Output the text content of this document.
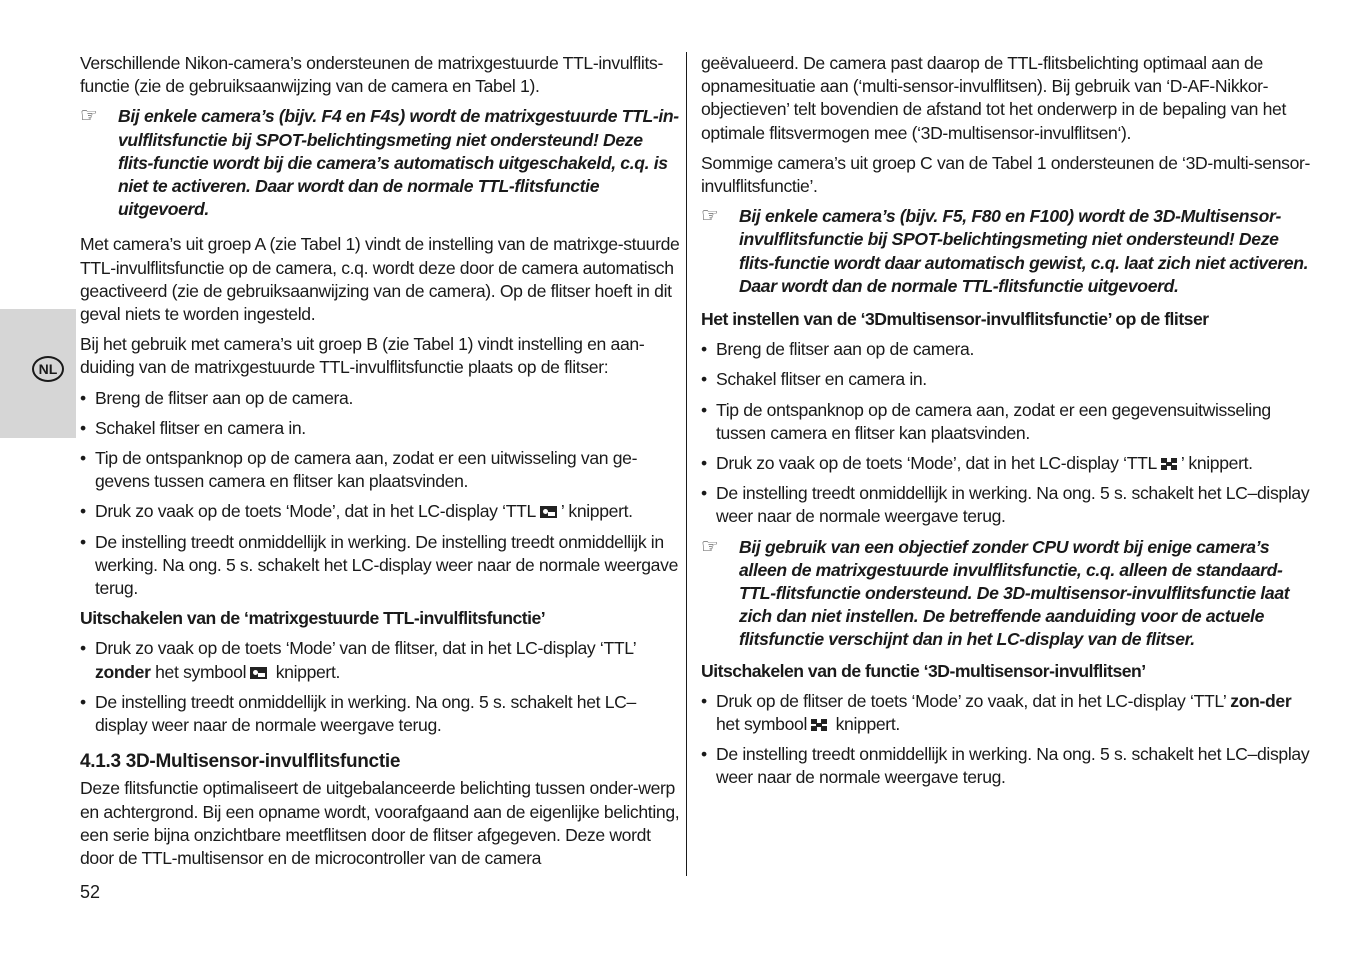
NL

Verschillende Nikon-camera’s ondersteunen de matrixgestuurde TTL-invulflits-functie (zie de gebruiksaanwijzing van de camera en Tabel 1).

☞	Bij enkele camera’s (bijv. F4 en F4s) wordt de matrixgestuurde TTL-in-vulflitsfunctie bij SPOT-belichtingsmeting niet ondersteund! Deze flits-functie wordt bij die camera’s automatisch uitgeschakeld, c.q. is niet te activeren. Daar wordt dan de normale TTL-flitsfunctie uitgevoerd.

Met camera’s uit groep A (zie Tabel 1) vindt de instelling van de matrixge-stuurde TTL-invulflitsfunctie op de camera, c.q. wordt deze door de camera automatisch geactiveerd (zie de gebruiksaanwijzing van de camera). Op de flitser hoeft in dit geval niets te worden ingesteld.

Bij het gebruik met camera’s uit groep B (zie Tabel 1) vindt instelling en aan-duiding van de matrixgestuurde TTL-invulflitsfunctie plaats op de flitser:

• Breng de flitser aan op de camera.
• Schakel flitser en camera in.
• Tip de ontspanknop op de camera aan, zodat er een uitwisseling van ge-gevens tussen camera en flitser kan plaatsvinden.
• Druk zo vaak op de toets ‘Mode’, dat in het LC-display ‘TTL ’ knippert.
• De instelling treedt onmiddellijk in werking. De instelling treedt onmiddellijk in werking. Na ong. 5 s. schakelt het LC-display weer naar de normale weergave terug.
Uitschakelen van de ‘matrixgestuurde TTL-invulflitsfunctie’
• Druk zo vaak op de toets ‘Mode’ van de flitser, dat in het LC-display ‘TTL’ zonder het symbool knippert.
• De instelling treedt onmiddellijk in werking. Na ong. 5 s. schakelt het LC–display weer naar de normale weergave terug.
4.1.3 3D-Multisensor-invulflitsfunctie

Deze flitsfunctie optimaliseert de uitgebalanceerde belichting tussen onder-werp en achtergrond. Bij een opname wordt, voorafgaand aan de eigenlijke belichting, een serie bijna onzichtbare meetflitsen door de flitser afgegeven. Deze wordt door de TTL-multisensor en de microcontroller van de camera

geëvalueerd. De camera past daarop de TTL-flitsbelichting optimaal aan de opnamesituatie aan (‘multi-sensor-invulflitsen). Bij gebruik van ‘D-AF-Nikkor-objectieven’ telt bovendien de afstand tot het onderwerp in de bepaling van het optimale flitsvermogen mee (‘3D-multisensor-invulflitsen‘).

Sommige camera’s uit groep C van de Tabel 1 ondersteunen de ‘3D-multi-sensor-invulflitsfunctie’.

☞	Bij enkele camera’s (bijv. F5, F80 en F100) wordt de 3D-Multisensor-invulflitsfunctie bij SPOT-belichtingsmeting niet ondersteund! Deze flits-functie wordt daar automatisch gewist, c.q. laat zich niet activeren. Daar wordt dan de normale TTL-flitsfunctie uitgevoerd.
Het instellen van de ‘3Dmultisensor-invulflitsfunctie’ op de flitser
• Breng de flitser aan op de camera.
• Schakel flitser en camera in.
• Tip de ontspanknop op de camera aan, zodat er een gegevensuitwisseling tussen camera en flitser kan plaatsvinden.
• Druk zo vaak op de toets ‘Mode’, dat in het LC-display ‘TTL ’ knippert.
• De instelling treedt onmiddellijk in werking. Na ong. 5 s. schakelt het LC–display weer naar de normale weergave terug.
☞	Bij gebruik van een objectief zonder CPU wordt bij enige camera’s alleen de matrixgestuurde invulflitsfunctie, c.q. alleen de standaard-TTL-flitsfunctie ondersteund. De 3D-multisensor-invulflitsfunctie laat zich dan niet instellen. De betreffende aanduiding voor de actuele flitsfunctie verschijnt dan in het LC-display van de flitser.
Uitschakelen van de functie ‘3D-multisensor-invulflitsen’
• Druk op de flitser de toets ‘Mode’ zo vaak, dat in het LC-display ‘TTL’ zon-der het symbool knippert.
• De instelling treedt onmiddellijk in werking. Na ong. 5 s. schakelt het LC–display weer naar de normale weergave terug.
52
